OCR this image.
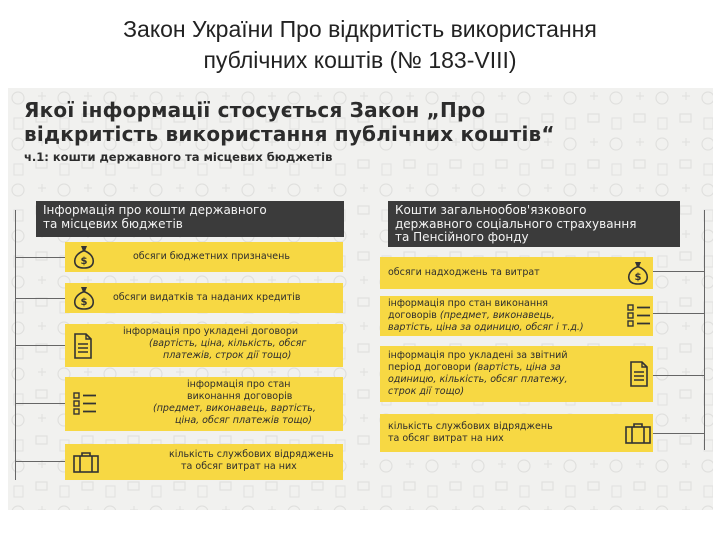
Закон України Про відкритість використання
публічних коштів (№ 183-VIII)
Якої інформації стосується Закон „Про
відкритість використання публічних коштів“
ч.1: кошти державного та місцевих бюджетів
Інформація про кошти державного
та місцевих бюджетів
$	обсяги бюджетних призначень
$	обсяги видатків та наданих кредитів
інформація про укладені договори
(вартість, ціна, кількість, обсяг
платежів, строк дії тощо)
інформація про стан
виконання договорів
(предмет, виконавець, вартість,
ціна, обсяг платежів тощо)
кількість службових відряджень
та обсяг витрат на них
Кошти загальнообов'язкового
державного соціального страхування
та Пенсійного фонду
обсяги надходжень та витрат	$
інформація про стан виконання
договорів (предмет, виконавець,
вартість, ціна за одиницю, обсяг і т.д.)
інформація про укладені за звітний
період договори (вартість, ціна за
одиницю, кількість, обсяг платежу,
строк дії тощо)
кількість службових відряджень
та обсяг витрат на них
